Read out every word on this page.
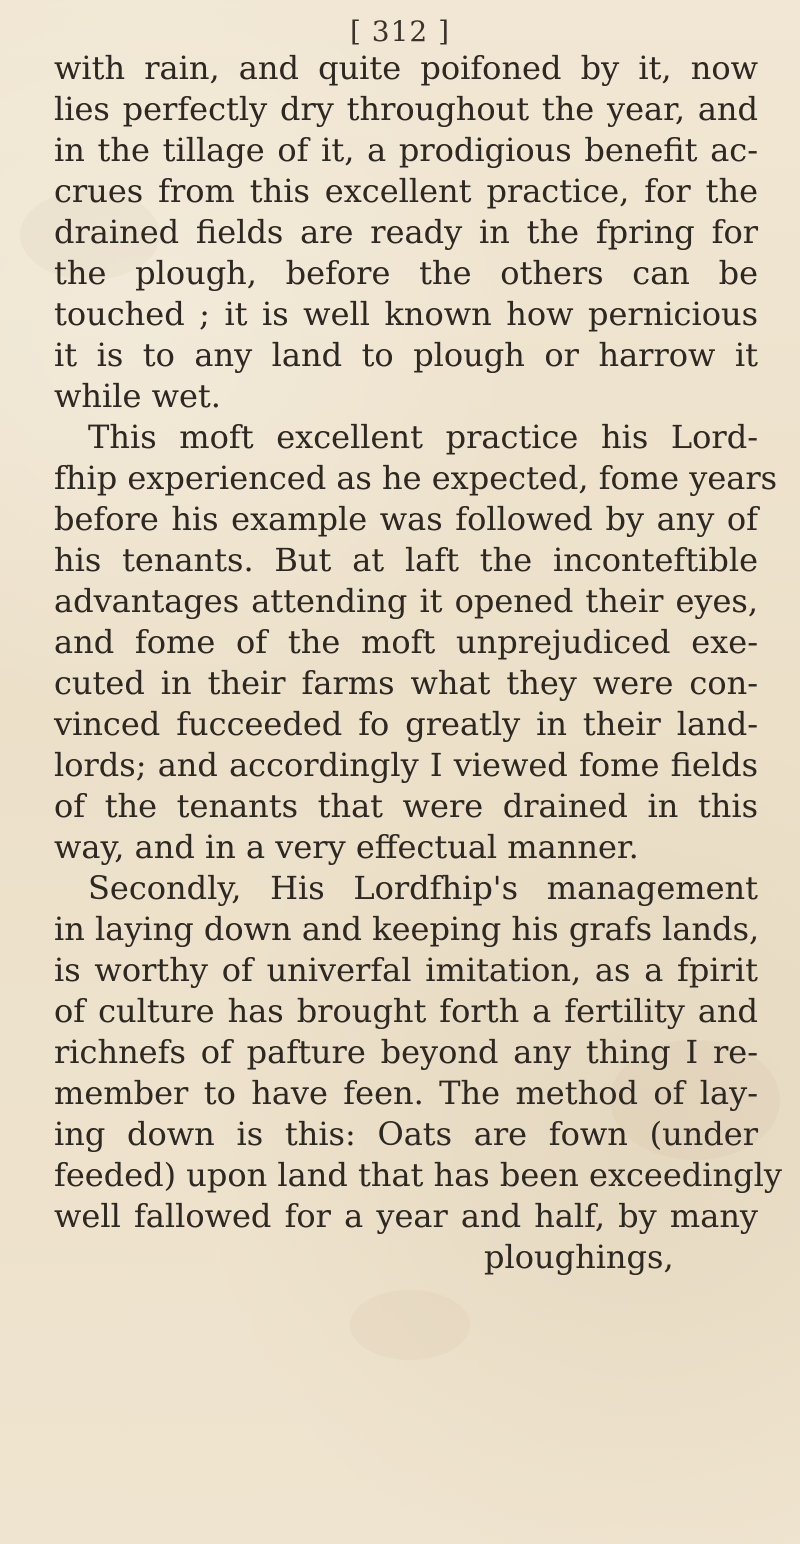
[ 312 ]
with rain, and quite poifoned by it, now
lies perfectly dry throughout the year, and
in the tillage of it, a prodigious benefit ac-
crues from this excellent practice, for the
drained fields are ready in the fpring for
the plough, before the others can be
touched ; it is well known how pernicious
it is to any land to plough or harrow it
while wet.
This moft excellent practice his Lord-
fhip experienced as he expected, fome years
before his example was followed by any of
his tenants. But at laft the inconteftible
advantages attending it opened their eyes,
and fome of the moft unprejudiced exe-
cuted in their farms what they were con-
vinced fucceeded fo greatly in their land-
lords; and accordingly I viewed fome fields
of the tenants that were drained in this
way, and in a very effectual manner.
Secondly, His Lordfhip's management
in laying down and keeping his grafs lands,
is worthy of univerfal imitation, as a fpirit
of culture has brought forth a fertility and
richnefs of pafture beyond any thing I re-
member to have feen. The method of lay-
ing down is this: Oats are fown (under
feeded) upon land that has been exceedingly
well fallowed for a year and half, by many
ploughings,
